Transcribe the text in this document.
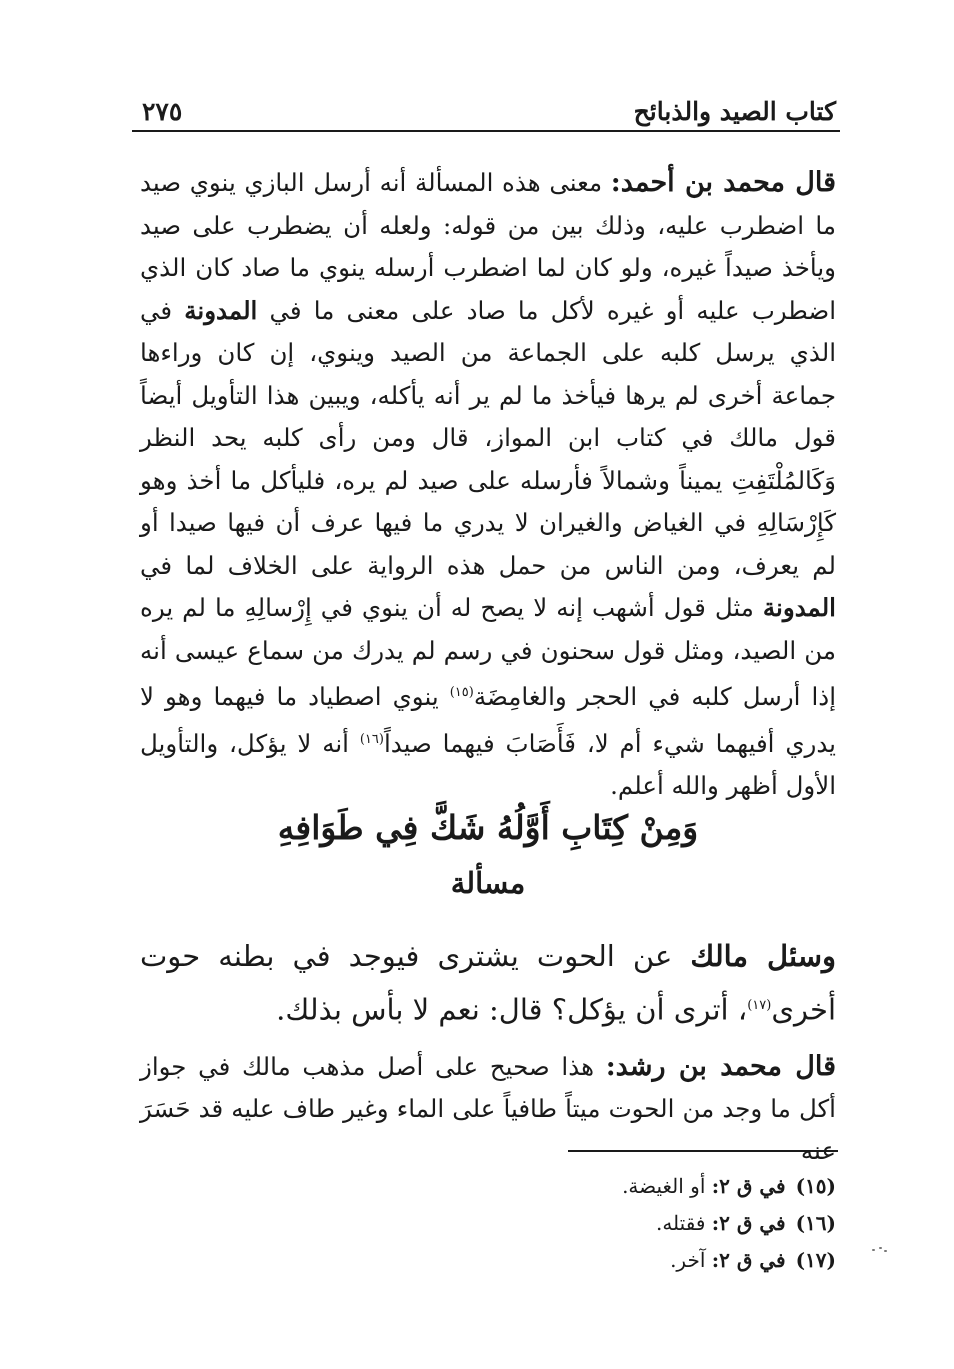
كتاب الصيد والذبائح
٢٧٥

قال محمد بن أحمد: معنى هذه المسألة أنه أرسل البازي ينوي صيد ما اضطرب عليه، وذلك بين من قوله: ولعله أن يضطرب على صيد ويأخذ صيداً غيره، ولو كان لما اضطرب أرسله ينوي ما صاد كان الذي اضطرب عليه أو غيره لأكل ما صاد على معنى ما في المدونة في الذي يرسل كلبه على الجماعة من الصيد وينوي، إن كان وراءها جماعة أخرى لم يرها فيأخذ ما لم ير أنه يأكله، ويبين هذا التأويل أيضاً قول مالك في كتاب ابن المواز، قال ومن رأى كلبه يحد النظر وَكَالمُلْتَفِتِ يميناً وشمالاً فأرسله على صيد لم يره، فليأكل ما أخذ وهو كَإِرْسَالِهِ في الغياض والغيران لا يدري ما فيها عرف أن فيها صيدا أو لم يعرف، ومن الناس من حمل هذه الرواية على الخلاف لما في المدونة مثل قول أشهب إنه لا يصح له أن ينوي في إِرْسالِهِ ما لم يره من الصيد، ومثل قول سحنون في رسم لم يدرك من سماع عيسى أنه إذا أرسل كلبه في الحجر والغامِضَة$^{(١٥)}$ ينوي اصطياد ما فيهما وهو لا يدري أفيهما شيء أم لا، فَأَصَابَ فيهما صيداً$^{(١٦)}$ أنه لا يؤكل، والتأويل الأول أظهر والله أعلم.

وَمِنْ كِتَابِ أَوَّلُهُ شَكَّ فِي طَوَافِهِ
مسألة

وسئل مالك عن الحوت يشترى فيوجد في بطنه حوت أخرى$^{(١٧)}$، أترى أن يؤكل؟ قال: نعم لا بأس بذلك.

قال محمد بن رشد: هذا صحيح على أصل مذهب مالك في جواز أكل ما وجد من الحوت ميتاً طافياً على الماء وغير طاف عليه قد حَسَرَ عنه

(١٥)في ق ٢: أو الغيضة.
(١٦)في ق ٢: فقتله.
(١٧)في ق ٢: آخر.
